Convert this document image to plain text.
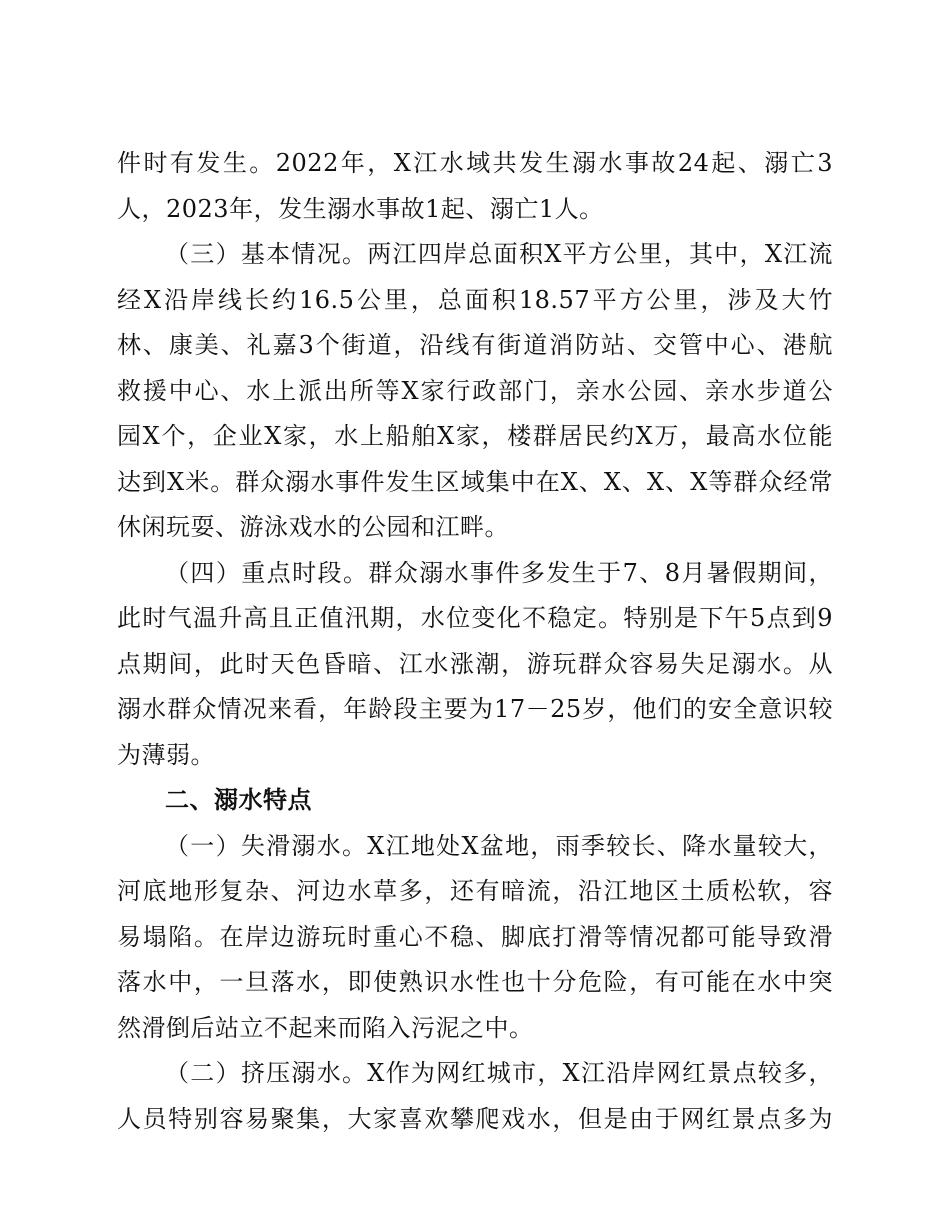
件时有发生。2022年，X江水域共发生溺水事故24起、溺亡3
人，2023年，发生溺水事故1起、溺亡1人。
（三）基本情况。两江四岸总面积X平方公里，其中，X江流
经X沿岸线长约16.5公里，总面积18.57平方公里，涉及大竹
林、康美、礼嘉3个街道，沿线有街道消防站、交管中心、港航
救援中心、水上派出所等X家行政部门，亲水公园、亲水步道公
园X个，企业X家，水上船舶X家，楼群居民约X万，最高水位能
达到X米。群众溺水事件发生区域集中在X、X、X、X等群众经常
休闲玩耍、游泳戏水的公园和江畔。
（四）重点时段。群众溺水事件多发生于7、8月暑假期间，
此时气温升高且正值汛期，水位变化不稳定。特别是下午5点到9
点期间，此时天色昏暗、江水涨潮，游玩群众容易失足溺水。从
溺水群众情况来看，年龄段主要为17－25岁，他们的安全意识较
为薄弱。
二、溺水特点
（一）失滑溺水。X江地处X盆地，雨季较长、降水量较大，
河底地形复杂、河边水草多，还有暗流，沿江地区土质松软，容
易塌陷。在岸边游玩时重心不稳、脚底打滑等情况都可能导致滑
落水中，一旦落水，即使熟识水性也十分危险，有可能在水中突
然滑倒后站立不起来而陷入污泥之中。
（二）挤压溺水。X作为网红城市，X江沿岸网红景点较多，
人员特别容易聚集，大家喜欢攀爬戏水，但是由于网红景点多为
